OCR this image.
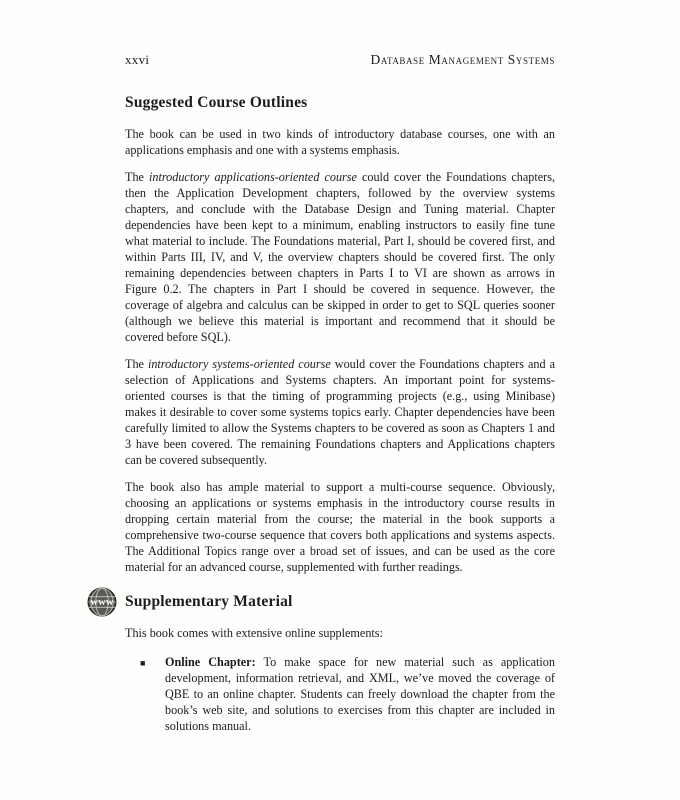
xxvi	Database Management Systems
Suggested Course Outlines

The book can be used in two kinds of introductory database courses, one with an applications emphasis and one with a systems emphasis.

The introductory applications-oriented course could cover the Foundations chapters, then the Application Development chapters, followed by the overview systems chapters, and conclude with the Database Design and Tuning material. Chapter dependencies have been kept to a minimum, enabling instructors to easily fine tune what material to include. The Foundations material, Part I, should be covered first, and within Parts III, IV, and V, the overview chapters should be covered first. The only remaining dependencies between chapters in Parts I to VI are shown as arrows in Figure 0.2. The chapters in Part I should be covered in sequence. However, the coverage of algebra and calculus can be skipped in order to get to SQL queries sooner (although we believe this material is important and recommend that it should be covered before SQL).

The introductory systems-oriented course would cover the Foundations chapters and a selection of Applications and Systems chapters. An important point for systems-oriented courses is that the timing of programming projects (e.g., using Minibase) makes it desirable to cover some systems topics early. Chapter dependencies have been carefully limited to allow the Systems chapters to be covered as soon as Chapters 1 and 3 have been covered. The remaining Foundations chapters and Applications chapters can be covered subsequently.

The book also has ample material to support a multi-course sequence. Obviously, choosing an applications or systems emphasis in the introductory course results in dropping certain material from the course; the material in the book supports a comprehensive two-course sequence that covers both applications and systems aspects. The Additional Topics range over a broad set of issues, and can be used as the core material for an advanced course, supplemented with further readings.

WWW Supplementary Material

This book comes with extensive online supplements:

■ Online Chapter: To make space for new material such as application development, information retrieval, and XML, we’ve moved the coverage of QBE to an online chapter. Students can freely download the chapter from the book’s web site, and solutions to exercises from this chapter are included in solutions manual.
